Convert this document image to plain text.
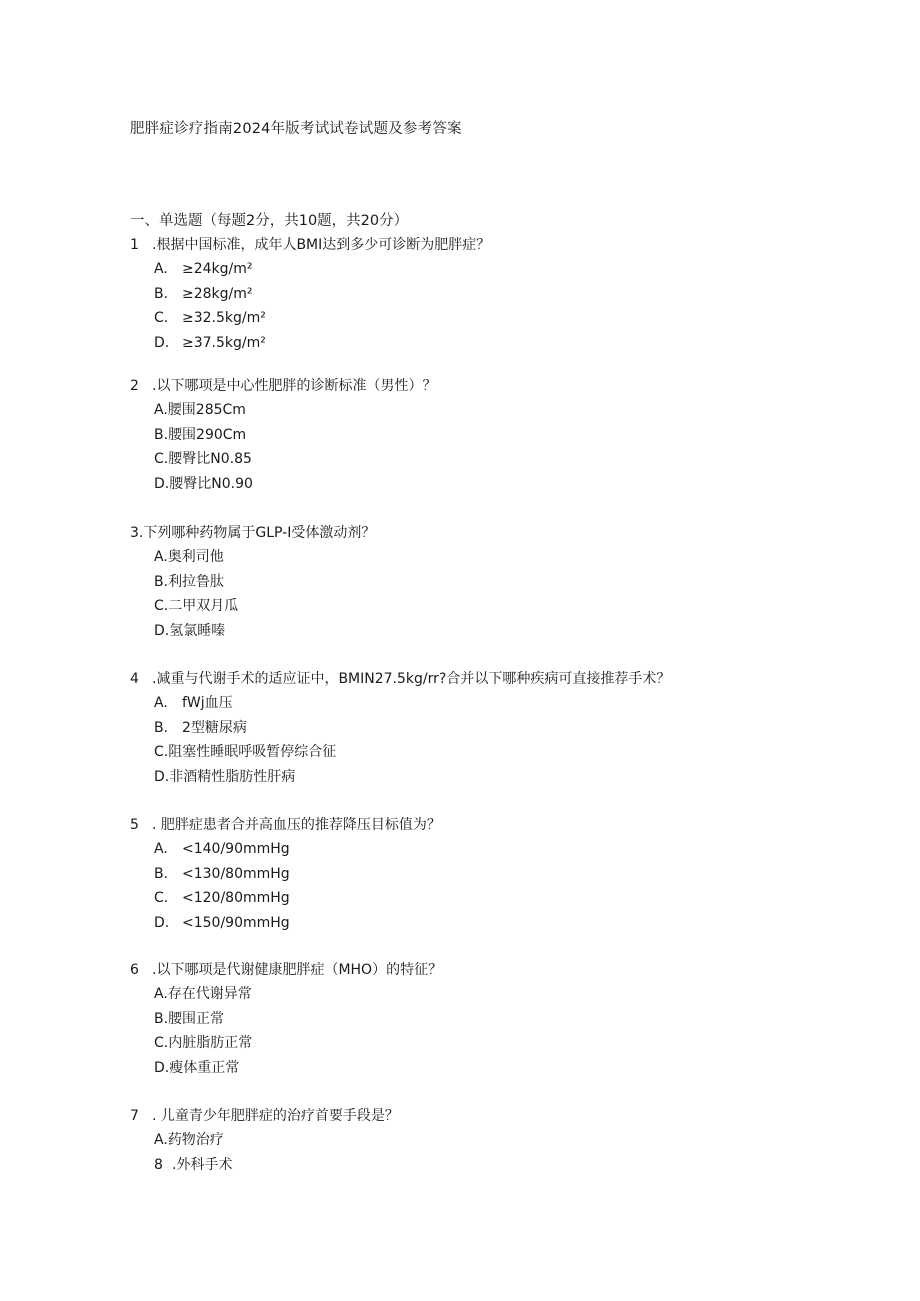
肥胖症诊疗指南2024年版考试试卷试题及参考答案
一、单选题（每题2分，共10题，共20分）
1 .根据中国标准，成年人BMI达到多少可诊断为肥胖症？
A. ≥24kg/m²
B. ≥28kg/m²
C. ≥32.5kg/m²
D. ≥37.5kg/m²
2 .以下哪项是中心性肥胖的诊断标准（男性）？
A.腰围285Cm
B.腰围290Cm
C.腰臀比N0.85
D.腰臀比N0.90
3.下列哪种药物属于GLP-I受体激动剂？
A.奥利司他
B.利拉鲁肽
C.二甲双月瓜
D.氢氯睡嗪
4 .减重与代谢手术的适应证中，BMIN27.5kg/rr?合并以下哪种疾病可直接推荐手术？
A. fWj血压
B. 2型糖尿病
C.阻塞性睡眠呼吸暂停综合征
D.非酒精性脂肪性肝病
5 . 肥胖症患者合并高血压的推荐降压目标值为？
A. <140/90mmHg
B. <130/80mmHg
C. <120/80mmHg
D. <150/90mmHg
6 .以下哪项是代谢健康肥胖症（MHO）的特征？
A.存在代谢异常
B.腰围正常
C.内脏脂肪正常
D.瘦体重正常
7 . 儿童青少年肥胖症的治疗首要手段是？
A.药物治疗
8 .外科手术
